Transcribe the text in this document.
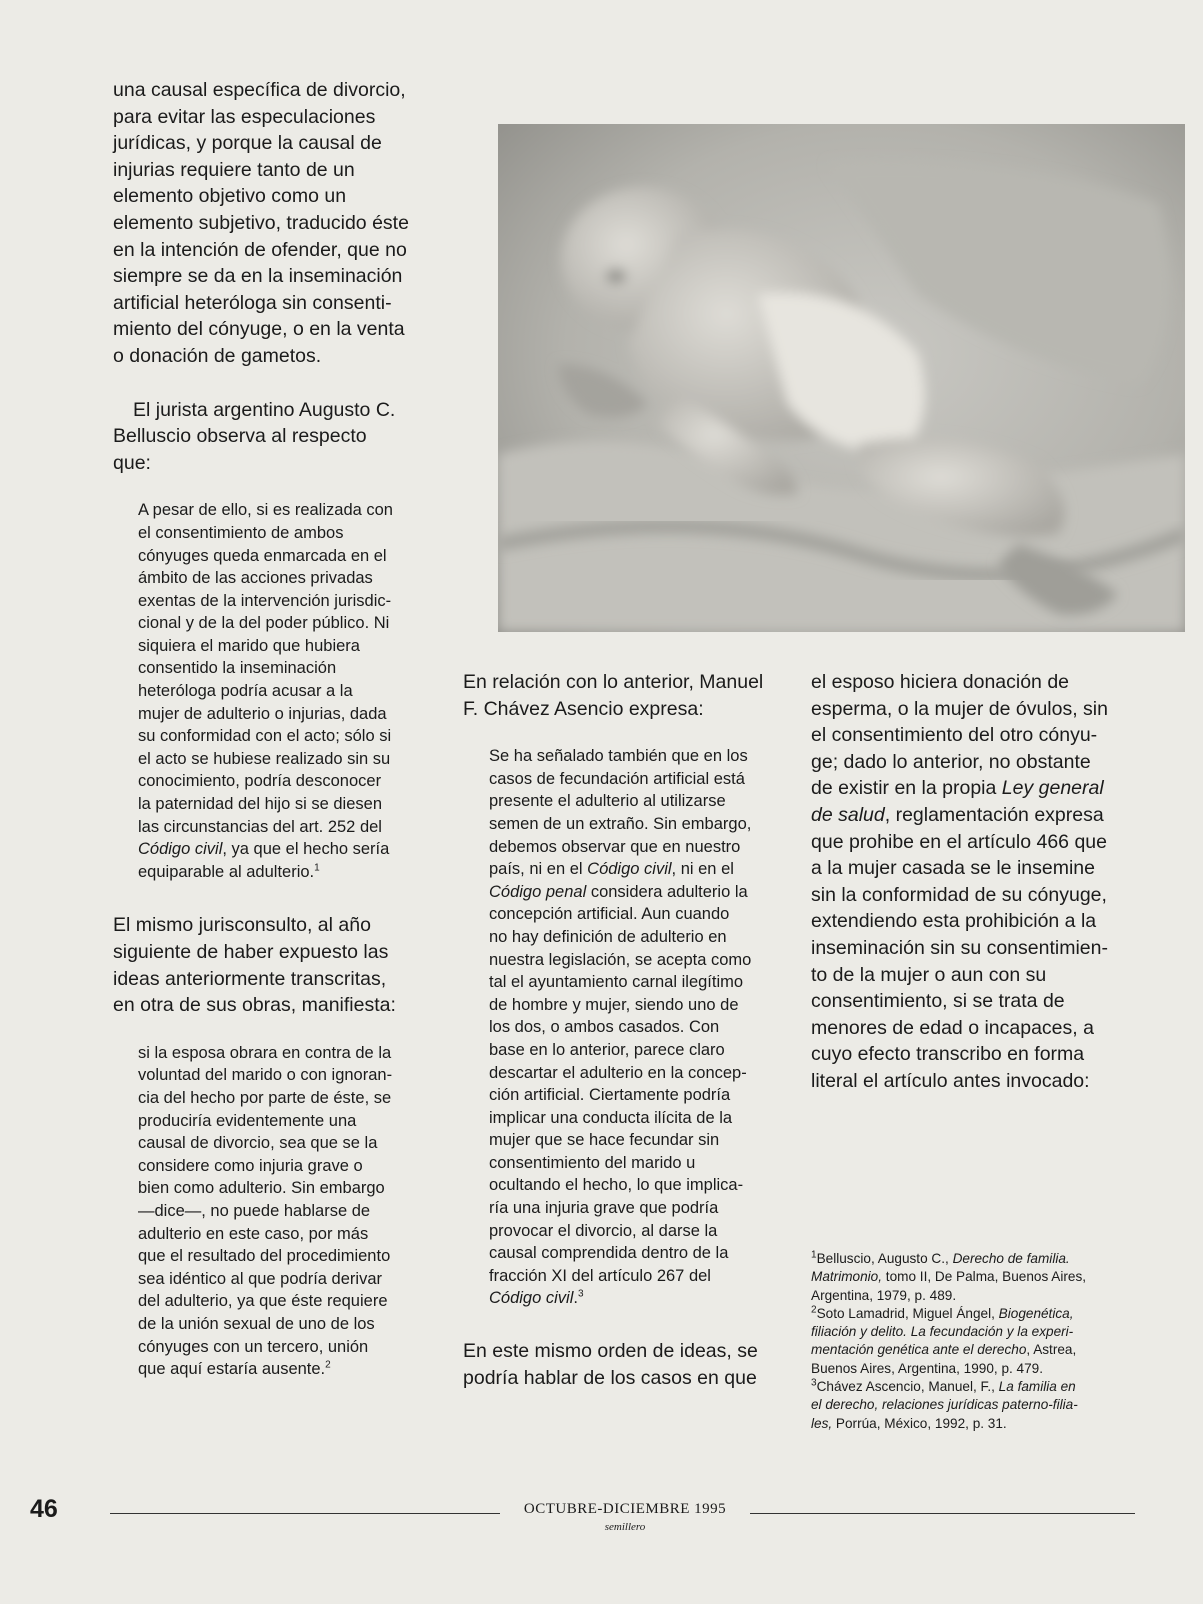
una causal específica de divorcio,
para evitar las especulaciones
jurídicas, y porque la causal de
injurias requiere tanto de un
elemento objetivo como un
elemento subjetivo, traducido éste
en la intención de ofender, que no
siempre se da en la inseminación
artificial heteróloga sin consenti-
miento del cónyuge, o en la venta
o donación de gametos.

El jurista argentino Augusto C.
Belluscio observa al respecto
que:

A pesar de ello, si es realizada con
el consentimiento de ambos
cónyuges queda enmarcada en el
ámbito de las acciones privadas
exentas de la intervención jurisdic-
cional y de la del poder público. Ni
siquiera el marido que hubiera
consentido la inseminación
heteróloga podría acusar a la
mujer de adulterio o injurias, dada
su conformidad con el acto; sólo si
el acto se hubiese realizado sin su
conocimiento, podría desconocer
la paternidad del hijo si se diesen
las circunstancias del art. 252 del

Código civil, ya que el hecho sería

equiparable al adulterio.$^1$

El mismo jurisconsulto, al año
siguiente de haber expuesto las
ideas anteriormente transcritas,
en otra de sus obras, manifiesta:

si la esposa obrara en contra de la
voluntad del marido o con ignoran-
cia del hecho por parte de éste, se
produciría evidentemente una
causal de divorcio, sea que se la
considere como injuria grave o
bien como adulterio. Sin embargo
—dice—, no puede hablarse de
adulterio en este caso, por más
que el resultado del procedimiento
sea idéntico al que podría derivar
del adulterio, ya que éste requiere
de la unión sexual de uno de los
cónyuges con un tercero, unión

que aquí estaría ausente.$^2$

En relación con lo anterior, Manuel
F. Chávez Asencio expresa:

Se ha señalado también que en los
casos de fecundación artificial está
presente el adulterio al utilizarse
semen de un extraño. Sin embargo,
debemos observar que en nuestro

país, ni en el Código civil, ni en el

Código penal considera adulterio la

concepción artificial. Aun cuando
no hay definición de adulterio en
nuestra legislación, se acepta como
tal el ayuntamiento carnal ilegítimo
de hombre y mujer, siendo uno de
los dos, o ambos casados. Con
base en lo anterior, parece claro
descartar el adulterio en la concep-
ción artificial. Ciertamente podría
implicar una conducta ilícita de la
mujer que se hace fecundar sin
consentimiento del marido u
ocultando el hecho, lo que implica-
ría una injuria grave que podría
provocar el divorcio, al darse la
causal comprendida dentro de la
fracción XI del artículo 267 del

Código civil.$^3$

En este mismo orden de ideas, se
podría hablar de los casos en que

el esposo hiciera donación de
esperma, o la mujer de óvulos, sin
el consentimiento del otro cónyu-
ge; dado lo anterior, no obstante

de existir en la propia Ley general

de salud, reglamentación expresa

que prohibe en el artículo 466 que
a la mujer casada se le insemine
sin la conformidad de su cónyuge,
extendiendo esta prohibición a la
inseminación sin su consentimien-
to de la mujer o aun con su
consentimiento, si se trata de
menores de edad o incapaces, a
cuyo efecto transcribo en forma
literal el artículo antes invocado:

$^1$Belluscio, Augusto C., Derecho de familia.
Matrimonio, tomo II, De Palma, Buenos Aires,
Argentina, 1979, p. 489.

$^2$Soto Lamadrid, Miguel Ángel, Biogenética,
filiación y delito. La fecundación y la experi-
mentación genética ante el derecho, Astrea,
Buenos Aires, Argentina, 1990, p. 479.

$^3$Chávez Ascencio, Manuel, F., La familia en
el derecho, relaciones jurídicas paterno-filia-
les, Porrúa, México, 1992, p. 31.

46	OCTUBRE-DICIEMBRE 1995
semillero
